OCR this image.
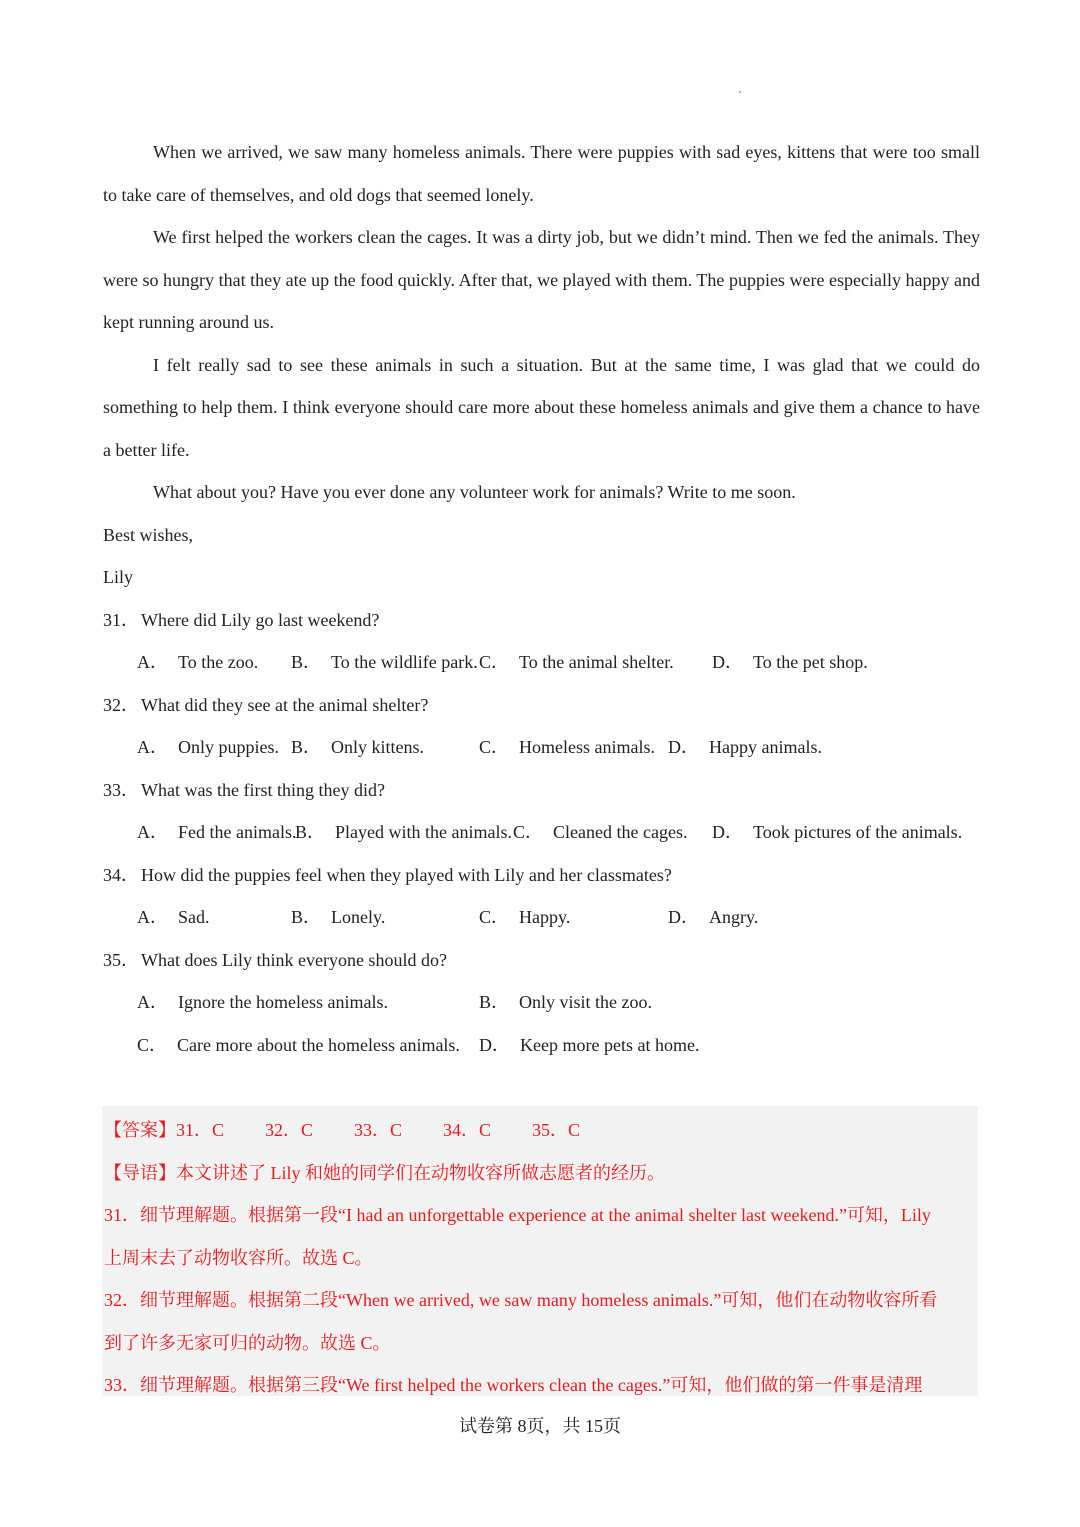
When we arrived, we saw many homeless animals. There were puppies with sad eyes, kittens that were too small to take care of themselves, and old dogs that seemed lonely.

We first helped the workers clean the cages. It was a dirty job, but we didn’t mind. Then we fed the animals. They were so hungry that they ate up the food quickly. After that, we played with them. The puppies were especially happy and kept running around us.

I felt really sad to see these animals in such a situation. But at the same time, I was glad that we could do something to help them. I think everyone should care more about these homeless animals and give them a chance to have a better life.

What about you? Have you ever done any volunteer work for animals? Write to me soon.

Best wishes,

Lily

31． Where did Lily go last weekend?
A． To the zoo. B． To the wildlife park. C． To the animal shelter. D． To the pet shop.
32． What did they see at the animal shelter?
A． Only puppies. B． Only kittens.	C． Homeless animals. D． Happy animals.
33． What was the first thing they did?
A． Fed the animals.
B． Played with the animals. C． Cleaned the cages. D． Took pictures of the animals.
34． How did the puppies feel when they played with Lily and her classmates?
A． Sad.	B． Lonely.	C． Happy.	D． Angry.
35． What does Lily think everyone should do?
A． Ignore the homeless animals.	B． Only visit the zoo.
C． Care more about the homeless animals. D． Keep more pets at home.
【答案】31．C 32．C 33．C 34．C 35．C
【导语】本文讲述了 Lily 和她的同学们在动物收容所做志愿者的经历。
31．细节理解题。根据第一段“I had an unforgettable experience at the animal shelter last weekend.”可知，Lily
上周末去了动物收容所。故选 C。
32．细节理解题。根据第二段“When we arrived, we saw many homeless animals.”可知，他们在动物收容所看
到了许多无家可归的动物。故选 C。
33．细节理解题。根据第三段“We first helped the workers clean the cages.”可知，他们做的第一件事是清理
试卷第 8页，共 15页
